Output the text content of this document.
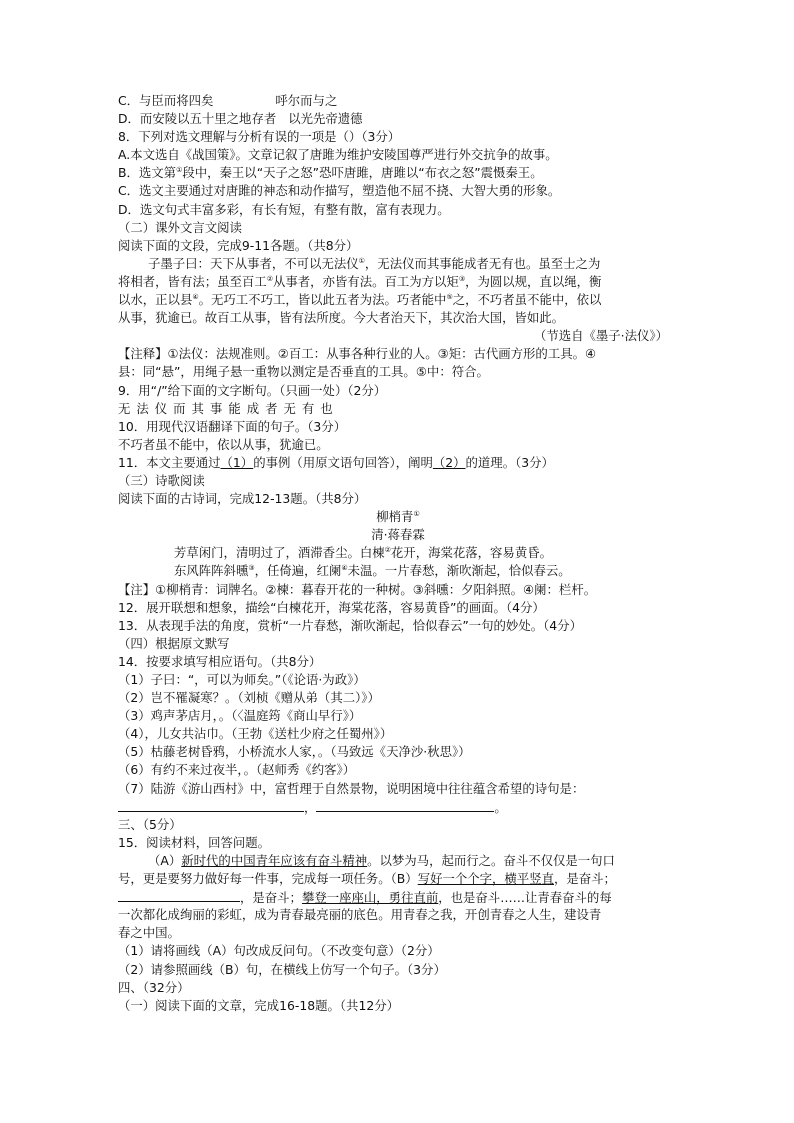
C．与臣而将四矣	呼尔而与之
D．而安陵以五十里之地存者 以光先帝遗德
8．下列对选文理解与分析有误的一项是（）（3分）
A.本文选自《战国策》。文章记叙了唐雎为维护安陵国尊严进行外交抗争的故事。
B．选文第①段中，秦王以“天子之怒”恐吓唐雎，唐雎以“布衣之怒”震慑秦王。
C．选文主要通过对唐雎的神态和动作描写，塑造他不屈不挠、大智大勇的形象。
D．选文句式丰富多彩，有长有短，有整有散，富有表现力。
（二）课外文言文阅读
阅读下面的文段，完成9-11各题。（共8分）
子墨子曰：天下从事者，不可以无法仪①，无法仪而其事能成者无有也。虽至士之为
将相者，皆有法；虽至百工②从事者，亦皆有法。百工为方以矩③，为圆以规，直以绳，衡
以水，正以县④。无巧工不巧工，皆以此五者为法。巧者能中⑤之，不巧者虽不能中，依以
从事，犹逾已。故百工从事，皆有法所度。今大者治天下，其次治大国，皆如此。
（节选自《墨子·法仪》）
【注释】①法仪：法规准则。②百工：从事各种行业的人。③矩：古代画方形的工具。④
县：同“悬”，用绳子悬一重物以测定是否垂直的工具。⑤中：符合。
9．用“/”给下面的文字断句。（只画一处）（2分）
无法仪而其事能成者无有也
10．用现代汉语翻译下面的句子。（3分）
不巧者虽不能中，依以从事，犹逾已。
11．本文主要通过（1）的事例（用原文语句回答），阐明（2）的道理。（3分）
（三）诗歌阅读
阅读下面的古诗词，完成12-13题。（共8分）
柳梢青①
清·蒋春霖
芳草闲门，清明过了，酒滞香尘。白楝②花开，海棠花落，容易黄昏。
东风阵阵斜曛③，任倚遍，红阑④未温。一片春愁，渐吹渐起，恰似春云。
【注】①柳梢青：词牌名。②楝：暮春开花的一种树。③斜曛：夕阳斜照。④阑：栏杆。
12．展开联想和想象，描绘“白楝花开，海棠花落，容易黄昏”的画面。（4分）
13．从表现手法的角度，赏析“一片春愁，渐吹渐起，恰似春云”一句的妙处。（4分）
（四）根据原文默写
14．按要求填写相应语句。（共8分）
（1）子曰：“，可以为师矣。”（《论语·为政》）
（2）岂不罹凝寒？。（刘桢《赠从弟（其二）》）
（3）鸡声茅店月，。（〈温庭筠《商山早行》）
（4），儿女共沾巾。（王勃《送杜少府之任蜀州》）
（5）枯藤老树昏鸦，小桥流水人家，。（马致远《天净沙·秋思》）
（6）有约不来过夜半，。（赵师秀《约客》）
（7）陆游《游山西村》中，富哲理于自然景物，说明困境中往往蕴含希望的诗句是：
，	。
三、（5分）
15．阅读材料，回答问题。
（A）新时代的中国青年应该有奋斗精神。以梦为马，起而行之。奋斗不仅仅是一句口
号，更是要努力做好每一件事，完成每一项任务。（B）写好一个个字，横平竖直，是奋斗；
，是奋斗；攀登一座座山，勇往直前，也是奋斗……让青春奋斗的每
一次都化成绚丽的彩虹，成为青春最亮丽的底色。用青春之我，开创青春之人生，建设青
春之中国。
（1）请将画线（A）句改成反问句。（不改变句意）（2分）
（2）请参照画线（B）句，在横线上仿写一个句子。（3分）
四、（32分）
（一）阅读下面的文章，完成16-18题。（共12分）
